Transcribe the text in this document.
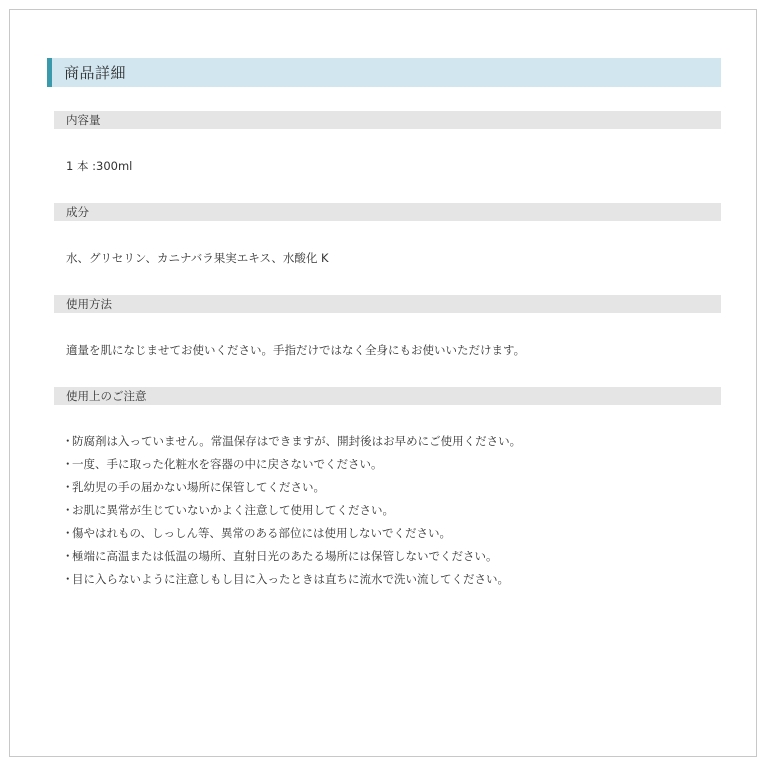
商品詳細
内容量
1 本 :300ml
成分
水、グリセリン、カニナバラ果実エキス、水酸化 K
使用方法
適量を肌になじませてお使いください。手指だけではなく全身にもお使いいただけます。
使用上のご注意
・防腐剤は入っていません。常温保存はできますが、開封後はお早めにご使用ください。
・一度、手に取った化粧水を容器の中に戻さないでください。
・乳幼児の手の届かない場所に保管してください。
・お肌に異常が生じていないかよく注意して使用してください。
・傷やはれもの、しっしん等、異常のある部位には使用しないでください。
・極端に高温または低温の場所、直射日光のあたる場所には保管しないでください。
・目に入らないように注意しもし目に入ったときは直ちに流水で洗い流してください。
